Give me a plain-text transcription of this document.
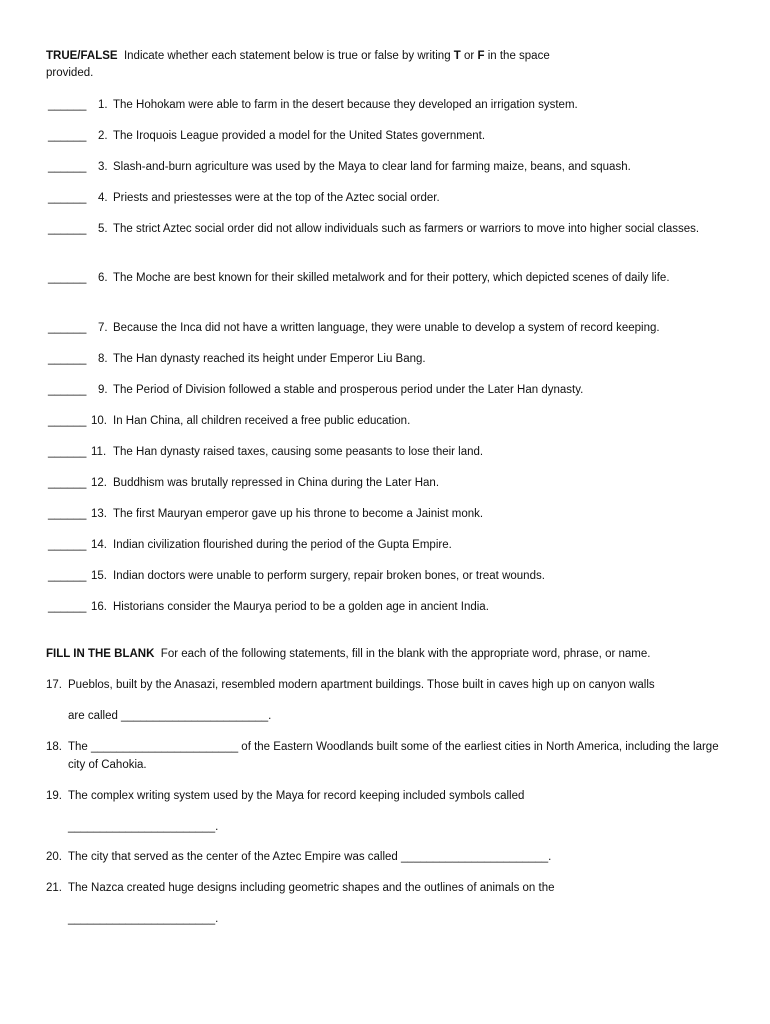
TRUE/FALSE Indicate whether each statement below is true or false by writing T or F in the space
provided.
______ 1. The Hohokam were able to farm in the desert because they developed an irrigation system.
______ 2. The Iroquois League provided a model for the United States government.
______ 3. Slash-and-burn agriculture was used by the Maya to clear land for farming maize, beans, and squash.
______ 4. Priests and priestesses were at the top of the Aztec social order.
______ 5. The strict Aztec social order did not allow individuals such as farmers or warriors to move into higher social classes.
______ 6. The Moche are best known for their skilled metalwork and for their pottery, which depicted scenes of daily life.
______ 7. Because the Inca did not have a written language, they were unable to develop a system of record keeping.
______ 8. The Han dynasty reached its height under Emperor Liu Bang.
______ 9. The Period of Division followed a stable and prosperous period under the Later Han dynasty.
______ 10. In Han China, all children received a free public education.
______ 11. The Han dynasty raised taxes, causing some peasants to lose their land.
______ 12. Buddhism was brutally repressed in China during the Later Han.
______ 13. The first Mauryan emperor gave up his throne to become a Jainist monk.
______ 14. Indian civilization flourished during the period of the Gupta Empire.
______ 15. Indian doctors were unable to perform surgery, repair broken bones, or treat wounds.
______ 16. Historians consider the Maurya period to be a golden age in ancient India.
FILL IN THE BLANK For each of the following statements, fill in the blank with the appropriate word, phrase, or name.
17. Pueblos, built by the Anasazi, resembled modern apartment buildings. Those built in caves high up on canyon walls
are called _______________________.
18. The _______________________ of the Eastern Woodlands built some of the earliest cities in North America, including the large city of Cahokia.
19. The complex writing system used by the Maya for record keeping included symbols called
_______________________.
20. The city that served as the center of the Aztec Empire was called _______________________.
21. The Nazca created huge designs including geometric shapes and the outlines of animals on the
_______________________.
